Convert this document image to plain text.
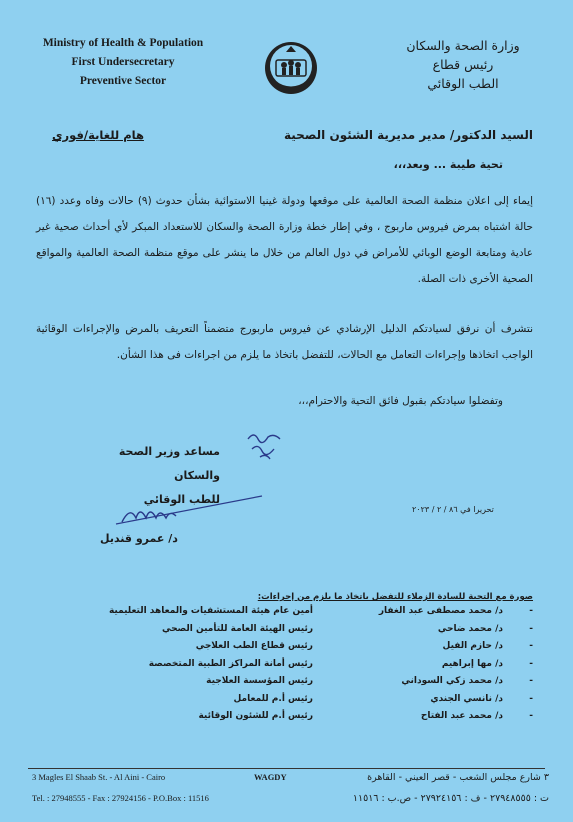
Ministry of Health & Population
First Undersecretary
Preventive Sector
وزارة الصحة والسكان
رئيس قطاع
الطب الوقائي
السيد الدكتور/ مدير مديرية الشئون الصحية
هام للغاية/فوري
تحية طيبة ... وبعد،،،
إيماء إلى اعلان منظمة الصحة العالمية على موقعها ودولة غينيا الاستوائية بشأن حدوث (٩) حالات وفاه وعدد (١٦) حالة اشتباه بمرض فيروس ماربوج ، وفي إطار خطة وزارة الصحة والسكان للاستعداد المبكر لأي أحداث صحية غير عادية ومتابعة الوضع الوبائي للأمراض في دول العالم من خلال ما ينشر على موقع منظمة الصحة العالمية والمواقع الصحية الأخرى ذات الصلة.
نتشرف أن نرفق لسيادتكم الدليل الإرشادي عن فيروس ماربورج متضمناً التعريف بالمرض والإجراءات الوقائية الواجب اتخاذها وإجراءات التعامل مع الحالات، للتفضل باتخاذ ما يلزم من اجراءات فى هذا الشأن.
وتفضلوا سيادتكم بقبول فائق التحية والاحترام،،،
مساعد وزير الصحة والسكان
للطب الوقائي
د/ عمرو قنديل
تحريرا في ٨٦ ‏/ ٢ / ٢٠٢٣
صورة مع التحية للسادة الزملاء للتفضل باتخاذ ما يلزم من إجراءات:
-
د/ محمد مصطفى عبد الغفار
أمين عام هيئة المستشفيات والمعاهد التعليمية
-
د/ محمد ضاحي
رئيس الهيئة العامة للتأمين الصحي
-
د/ حازم الفيل
رئيس قطاع الطب العلاجي
-
د/ مها إبراهيم
رئيس أمانة المراكز الطبية المتخصصة
-
د/ محمد زكي السوداني
رئيس المؤسسة العلاجية
-
د/ نانسي الجندي
رئيس أ.م للمعامل
-
د/ محمد عبد الفتاح
رئيس أ.م للشئون الوقائية
3 Magles El Shaab St. - Al Aini - Cairo
Tel. : 27948555 - Fax : 27924156 - P.O.Box : 11516
WAGDY	٣ شارع مجلس الشعب - قصر العيني - القاهرة
ت : ٢٧٩٤٨٥٥٥ - ف : ٢٧٩٢٤١٥٦ - ص.ب : ١١٥١٦
